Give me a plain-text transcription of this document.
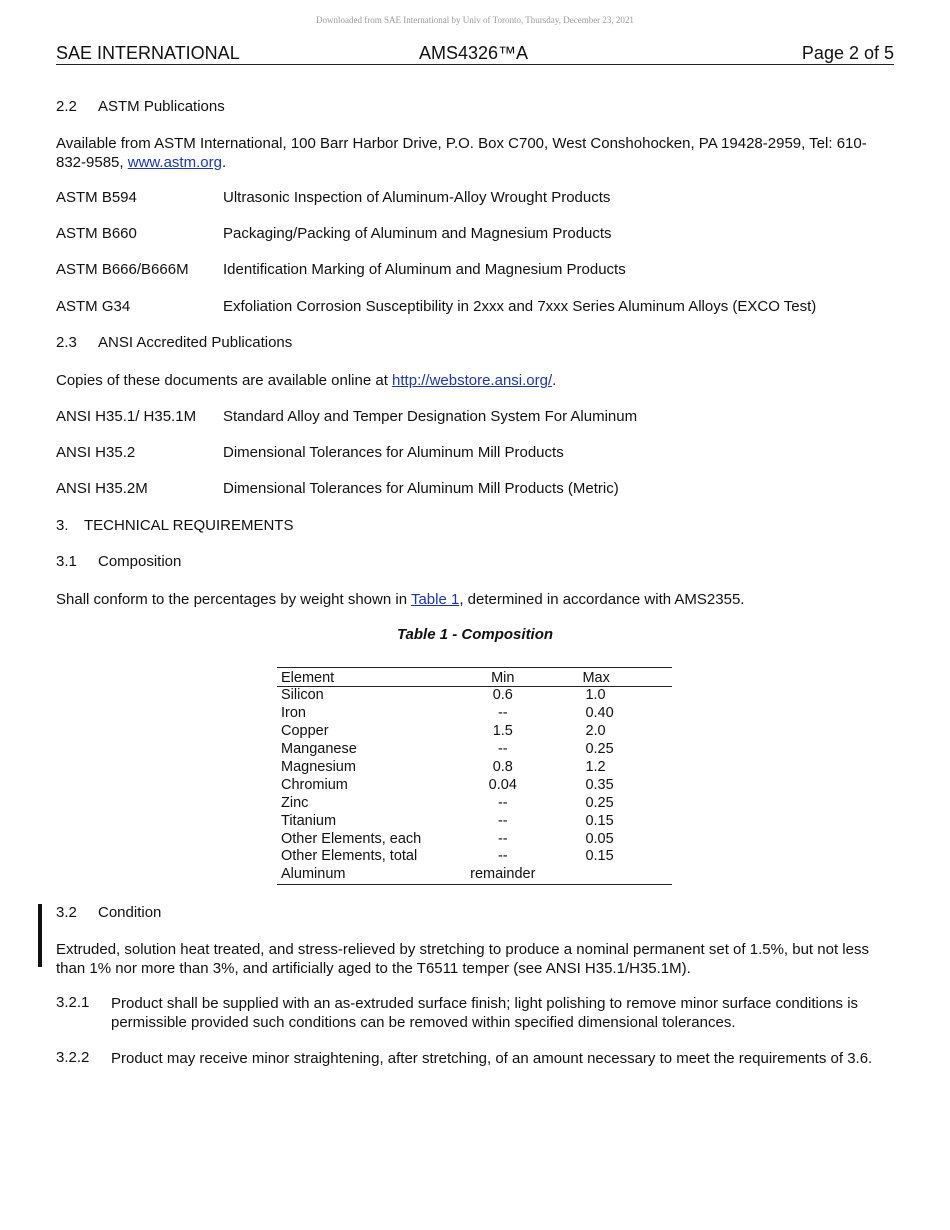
Downloaded from SAE International by Univ of Toronto, Thursday, December 23, 2021
SAE INTERNATIONAL	AMS4326™A	Page 2 of 5
2.2 ASTM Publications
Available from ASTM International, 100 Barr Harbor Drive, P.O. Box C700, West Conshohocken, PA 19428-2959, Tel: 610-832-9585, www.astm.org.
ASTM B594	Ultrasonic Inspection of Aluminum-Alloy Wrought Products
ASTM B660	Packaging/Packing of Aluminum and Magnesium Products
ASTM B666/B666M Identification Marking of Aluminum and Magnesium Products
ASTM G34	Exfoliation Corrosion Susceptibility in 2xxx and 7xxx Series Aluminum Alloys (EXCO Test)
2.3 ANSI Accredited Publications
Copies of these documents are available online at http://webstore.ansi.org/.
ANSI H35.1/ H35.1M Standard Alloy and Temper Designation System For Aluminum
ANSI H35.2	Dimensional Tolerances for Aluminum Mill Products
ANSI H35.2M	Dimensional Tolerances for Aluminum Mill Products (Metric)
3. TECHNICAL REQUIREMENTS
3.1 Composition
Shall conform to the percentages by weight shown in Table 1, determined in accordance with AMS2355.
Table 1 - Composition
Element	Min	Max
Silicon	0.6	1.0
Iron	--	0.40
Copper	1.5	2.0
Manganese	--	0.25
Magnesium	0.8	1.2
Chromium	0.04	0.35
Zinc	--	0.25
Titanium	--	0.15
Other Elements, each	--	0.05
Other Elements, total	--	0.15
Aluminum	remainder	
3.2 Condition
Extruded, solution heat treated, and stress-relieved by stretching to produce a nominal permanent set of 1.5%, but not less than 1% nor more than 3%, and artificially aged to the T6511 temper (see ANSI H35.1/H35.1M).
3.2.1 Product shall be supplied with an as-extruded surface finish; light polishing to remove minor surface conditions is permissible provided such conditions can be removed within specified dimensional tolerances.
3.2.2 Product may receive minor straightening, after stretching, of an amount necessary to meet the requirements of 3.6.
